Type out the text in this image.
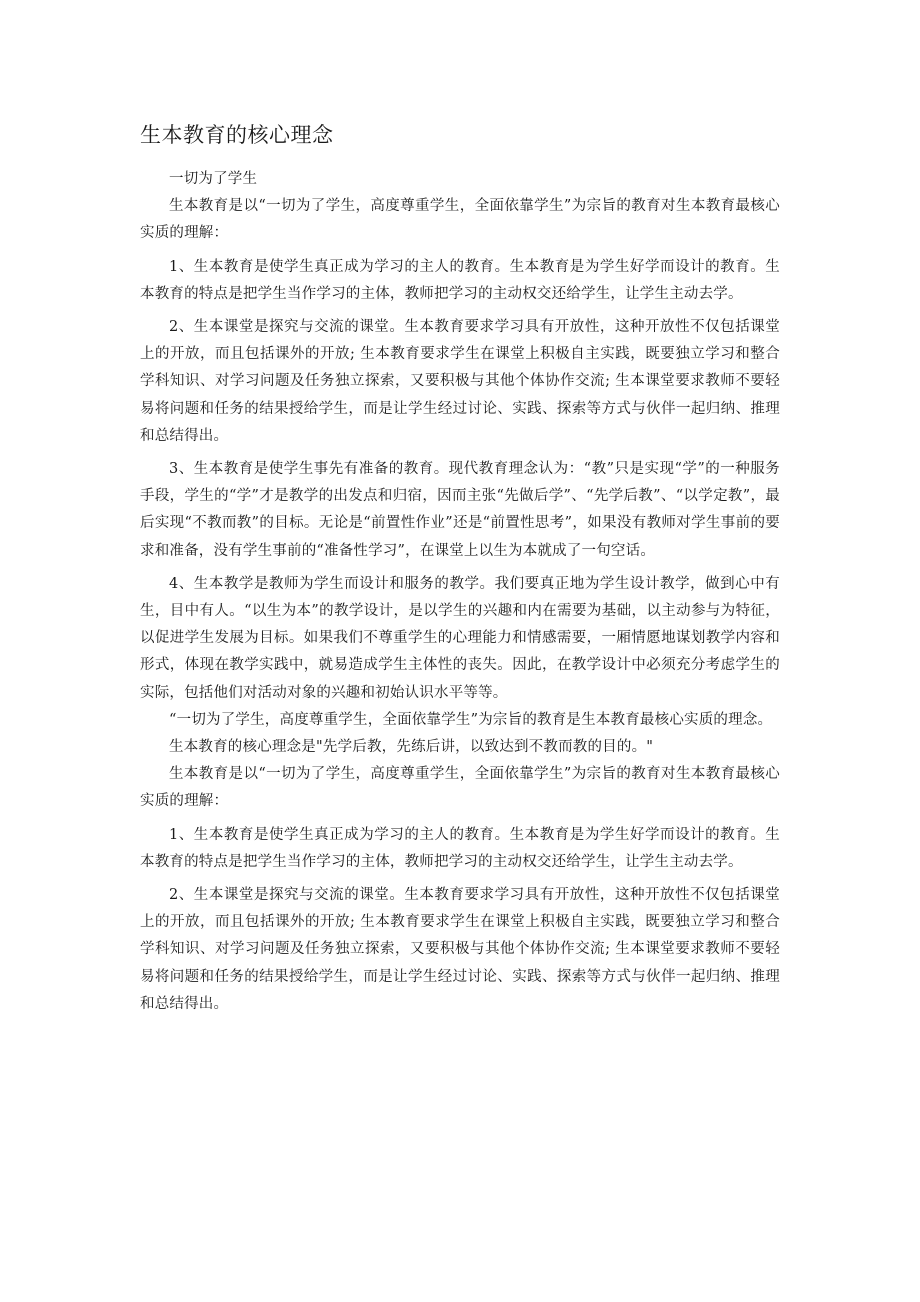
生本教育的核心理念

一切为了学生

生本教育是以“一切为了学生，高度尊重学生，全面依靠学生”为宗旨的教育对生本教育最核心实质的理解：

1、生本教育是使学生真正成为学习的主人的教育。生本教育是为学生好学而设计的教育。生本教育的特点是把学生当作学习的主体，教师把学习的主动权交还给学生，让学生主动去学。

2、生本课堂是探究与交流的课堂。生本教育要求学习具有开放性，这种开放性不仅包括课堂上的开放，而且包括课外的开放; 生本教育要求学生在课堂上积极自主实践，既要独立学习和整合学科知识、对学习问题及任务独立探索，又要积极与其他个体协作交流; 生本课堂要求教师不要轻易将问题和任务的结果授给学生，而是让学生经过讨论、实践、探索等方式与伙伴一起归纳、推理和总结得出。

3、生本教育是使学生事先有准备的教育。现代教育理念认为：“教”只是实现“学”的一种服务手段，学生的“学”才是教学的出发点和归宿，因而主张“先做后学”、“先学后教”、“以学定教”，最后实现“不教而教”的目标。无论是“前置性作业”还是“前置性思考”，如果没有教师对学生事前的要求和准备，没有学生事前的“准备性学习”，在课堂上以生为本就成了一句空话。

4、生本教学是教师为学生而设计和服务的教学。我们要真正地为学生设计教学，做到心中有生，目中有人。“以生为本”的教学设计，是以学生的兴趣和内在需要为基础，以主动参与为特征，以促进学生发展为目标。如果我们不尊重学生的心理能力和情感需要，一厢情愿地谋划教学内容和形式，体现在教学实践中，就易造成学生主体性的丧失。因此，在教学设计中必须充分考虑学生的实际，包括他们对活动对象的兴趣和初始认识水平等等。

“一切为了学生，高度尊重学生，全面依靠学生”为宗旨的教育是生本教育最核心实质的理念。

生本教育的核心理念是"先学后教，先练后讲，以致达到不教而教的目的。"

生本教育是以“一切为了学生，高度尊重学生，全面依靠学生”为宗旨的教育对生本教育最核心实质的理解：

1、生本教育是使学生真正成为学习的主人的教育。生本教育是为学生好学而设计的教育。生本教育的特点是把学生当作学习的主体，教师把学习的主动权交还给学生，让学生主动去学。

2、生本课堂是探究与交流的课堂。生本教育要求学习具有开放性，这种开放性不仅包括课堂上的开放，而且包括课外的开放; 生本教育要求学生在课堂上积极自主实践，既要独立学习和整合学科知识、对学习问题及任务独立探索，又要积极与其他个体协作交流; 生本课堂要求教师不要轻易将问题和任务的结果授给学生，而是让学生经过讨论、实践、探索等方式与伙伴一起归纳、推理和总结得出。
